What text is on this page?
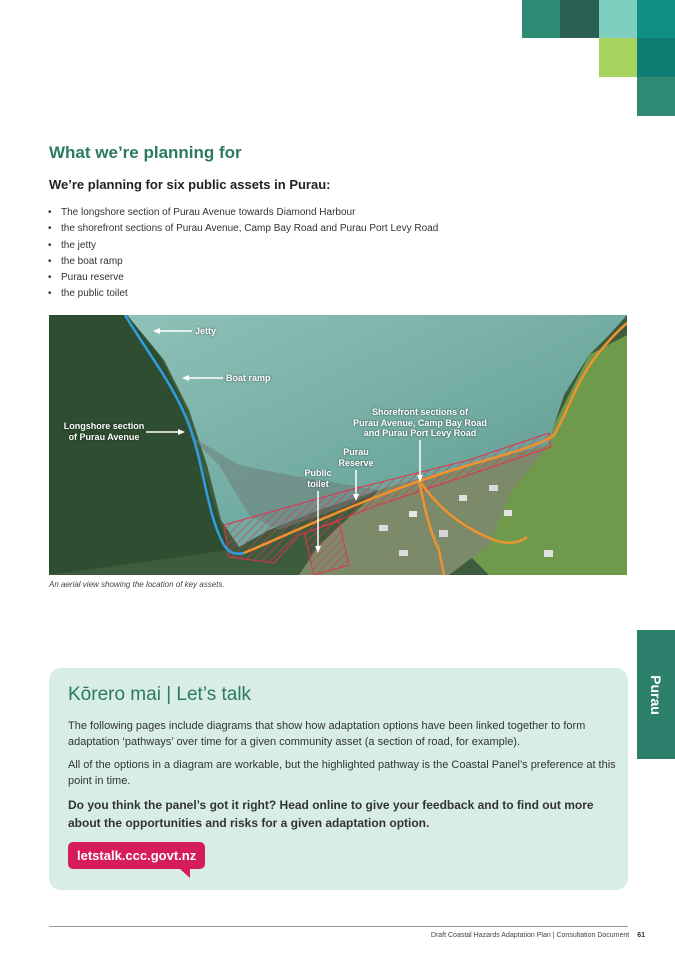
What we’re planning for
We’re planning for six public assets in Purau:
• The longshore section of Purau Avenue towards Diamond Harbour
• the shorefront sections of Purau Avenue, Camp Bay Road and Purau Port Levy Road
• the jetty
• the boat ramp
• Purau reserve
• the public toilet
Jetty
Boat ramp
Longshore section
of Purau Avenue
Shorefront sections of
Purau Avenue, Camp Bay Road
and Purau Port Levy Road
Purau
Reserve
Public
toilet

An aerial view showing the location of key assets.

Purau
Kōrero mai | Let’s talk

The following pages include diagrams that show how adaptation options have been linked together to form adaptation ‘pathways’ over time for a given community asset (a section of road, for example).

All of the options in a diagram are workable, but the highlighted pathway is the Coastal Panel’s preference at this point in time.

Do you think the panel’s got it right? Head online to give your feedback and to find out more about the opportunities and risks for a given adaptation option.

letstalk.ccc.govt.nz
Draft Coastal Hazards Adaptation Plan | Consultation Document 61
